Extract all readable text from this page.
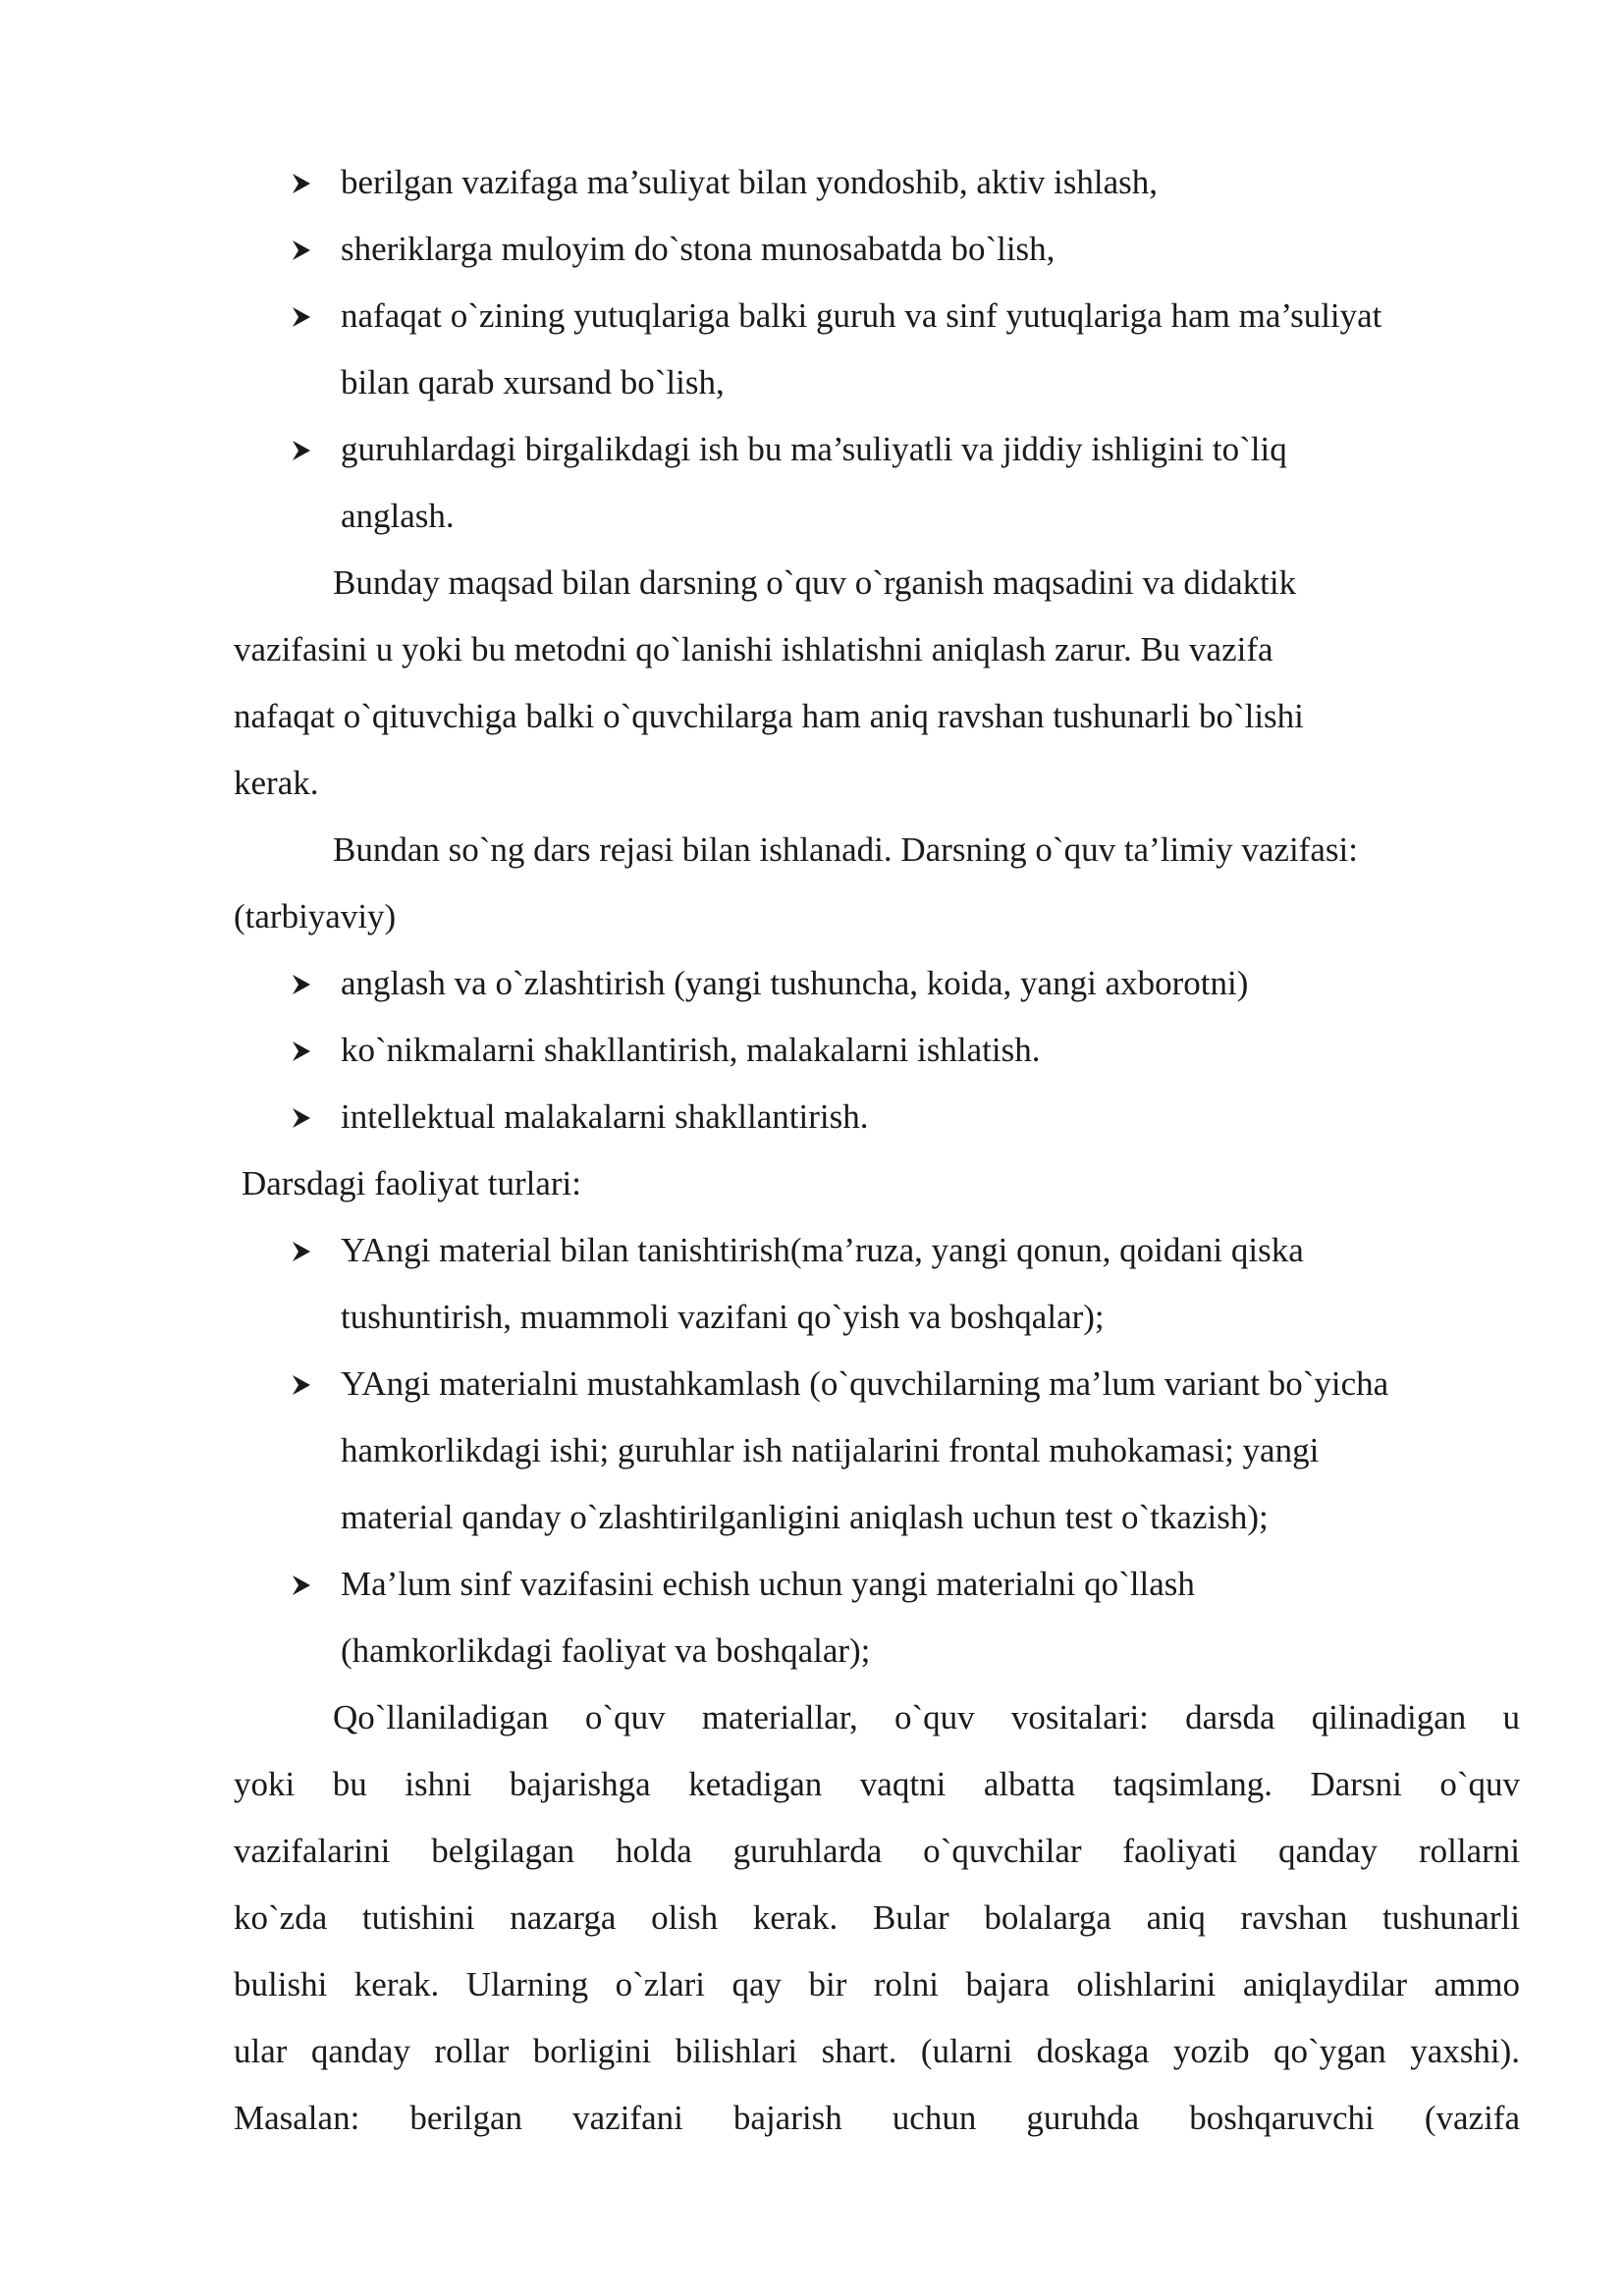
berilgan vazifaga ma’suliyat bilan yondoshib, aktiv ishlash,
sheriklarga muloyim do`stona munosabatda bo`lish,
nafaqat o`zining yutuqlariga balki guruh va sinf yutuqlariga ham ma’suliyat
bilan qarab xursand bo`lish,
guruhlardagi birgalikdagi ish bu ma’suliyatli va jiddiy ishligini to`liq
anglash.
Bunday maqsad bilan darsning o`quv o`rganish maqsadini va didaktik
vazifasini u yoki bu metodni qo`lanishi ishlatishni aniqlash zarur. Bu vazifa
nafaqat o`qituvchiga balki o`quvchilarga ham aniq ravshan tushunarli bo`lishi
kerak.
Bundan so`ng dars rejasi bilan ishlanadi. Darsning o`quv ta’limiy vazifasi:
(tarbiyaviy)
anglash va o`zlashtirish (yangi tushuncha, koida, yangi axborotni)
ko`nikmalarni shakllantirish, malakalarni ishlatish.
intellektual malakalarni shakllantirish.
Darsdagi faoliyat turlari:
YAngi material bilan tanishtirish(ma’ruza, yangi qonun, qoidani qiska
tushuntirish, muammoli vazifani qo`yish va boshqalar);
YAngi materialni mustahkamlash (o`quvchilarning ma’lum variant bo`yicha
hamkorlikdagi ishi; guruhlar ish natijalarini frontal muhokamasi; yangi
material qanday o`zlashtirilganligini aniqlash uchun test o`tkazish);
Ma’lum sinf vazifasini echish uchun yangi materialni qo`llash
(hamkorlikdagi faoliyat va boshqalar);
Qo`llaniladigan o`quv materiallar, o`quv vositalari: darsda qilinadigan u
yoki bu ishni bajarishga ketadigan vaqtni albatta taqsimlang. Darsni o`quv
vazifalarini belgilagan holda guruhlarda o`quvchilar faoliyati qanday rollarni
ko`zda tutishini nazarga olish kerak. Bular bolalarga aniq ravshan tushunarli
bulishi kerak. Ularning o`zlari qay bir rolni bajara olishlarini aniqlaydilar ammo
ular qanday rollar borligini bilishlari shart. (ularni doskaga yozib qo`ygan yaxshi).
Masalan: berilgan vazifani bajarish uchun guruhda boshqaruvchi (vazifa
